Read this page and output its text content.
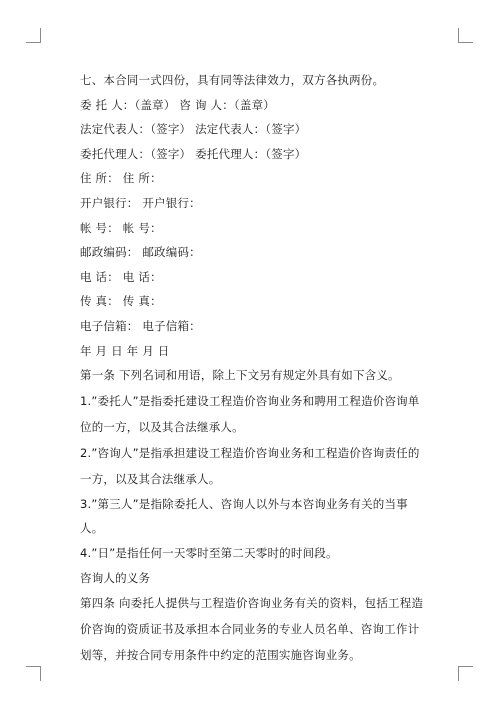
七、本合同一式四份，具有同等法律效力，双方各执两份。

委 托 人：（盖章） 咨 询 人：（盖章）

法定代表人：（签字） 法定代表人：（签字）

委托代理人：（签字） 委托代理人：（签字）

住 所： 住 所：

开户银行： 开户银行：

帐 号： 帐 号：

邮政编码： 邮政编码：

电 话： 电 话：

传 真： 传 真：

电子信箱： 电子信箱：

年 月 日 年 月 日

第一条 下列名词和用语，除上下文另有规定外具有如下含义。

1.”委托人”是指委托建设工程造价咨询业务和聘用工程造价咨询单位的一方，以及其合法继承人。

2.”咨询人”是指承担建设工程造价咨询业务和工程造价咨询责任的一方，以及其合法继承人。

3.”第三人”是指除委托人、咨询人以外与本咨询业务有关的当事人。

4.”日”是指任何一天零时至第二天零时的时间段。

咨询人的义务

第四条 向委托人提供与工程造价咨询业务有关的资料，包括工程造价咨询的资质证书及承担本合同业务的专业人员名单、咨询工作计划等，并按合同专用条件中约定的范围实施咨询业务。
